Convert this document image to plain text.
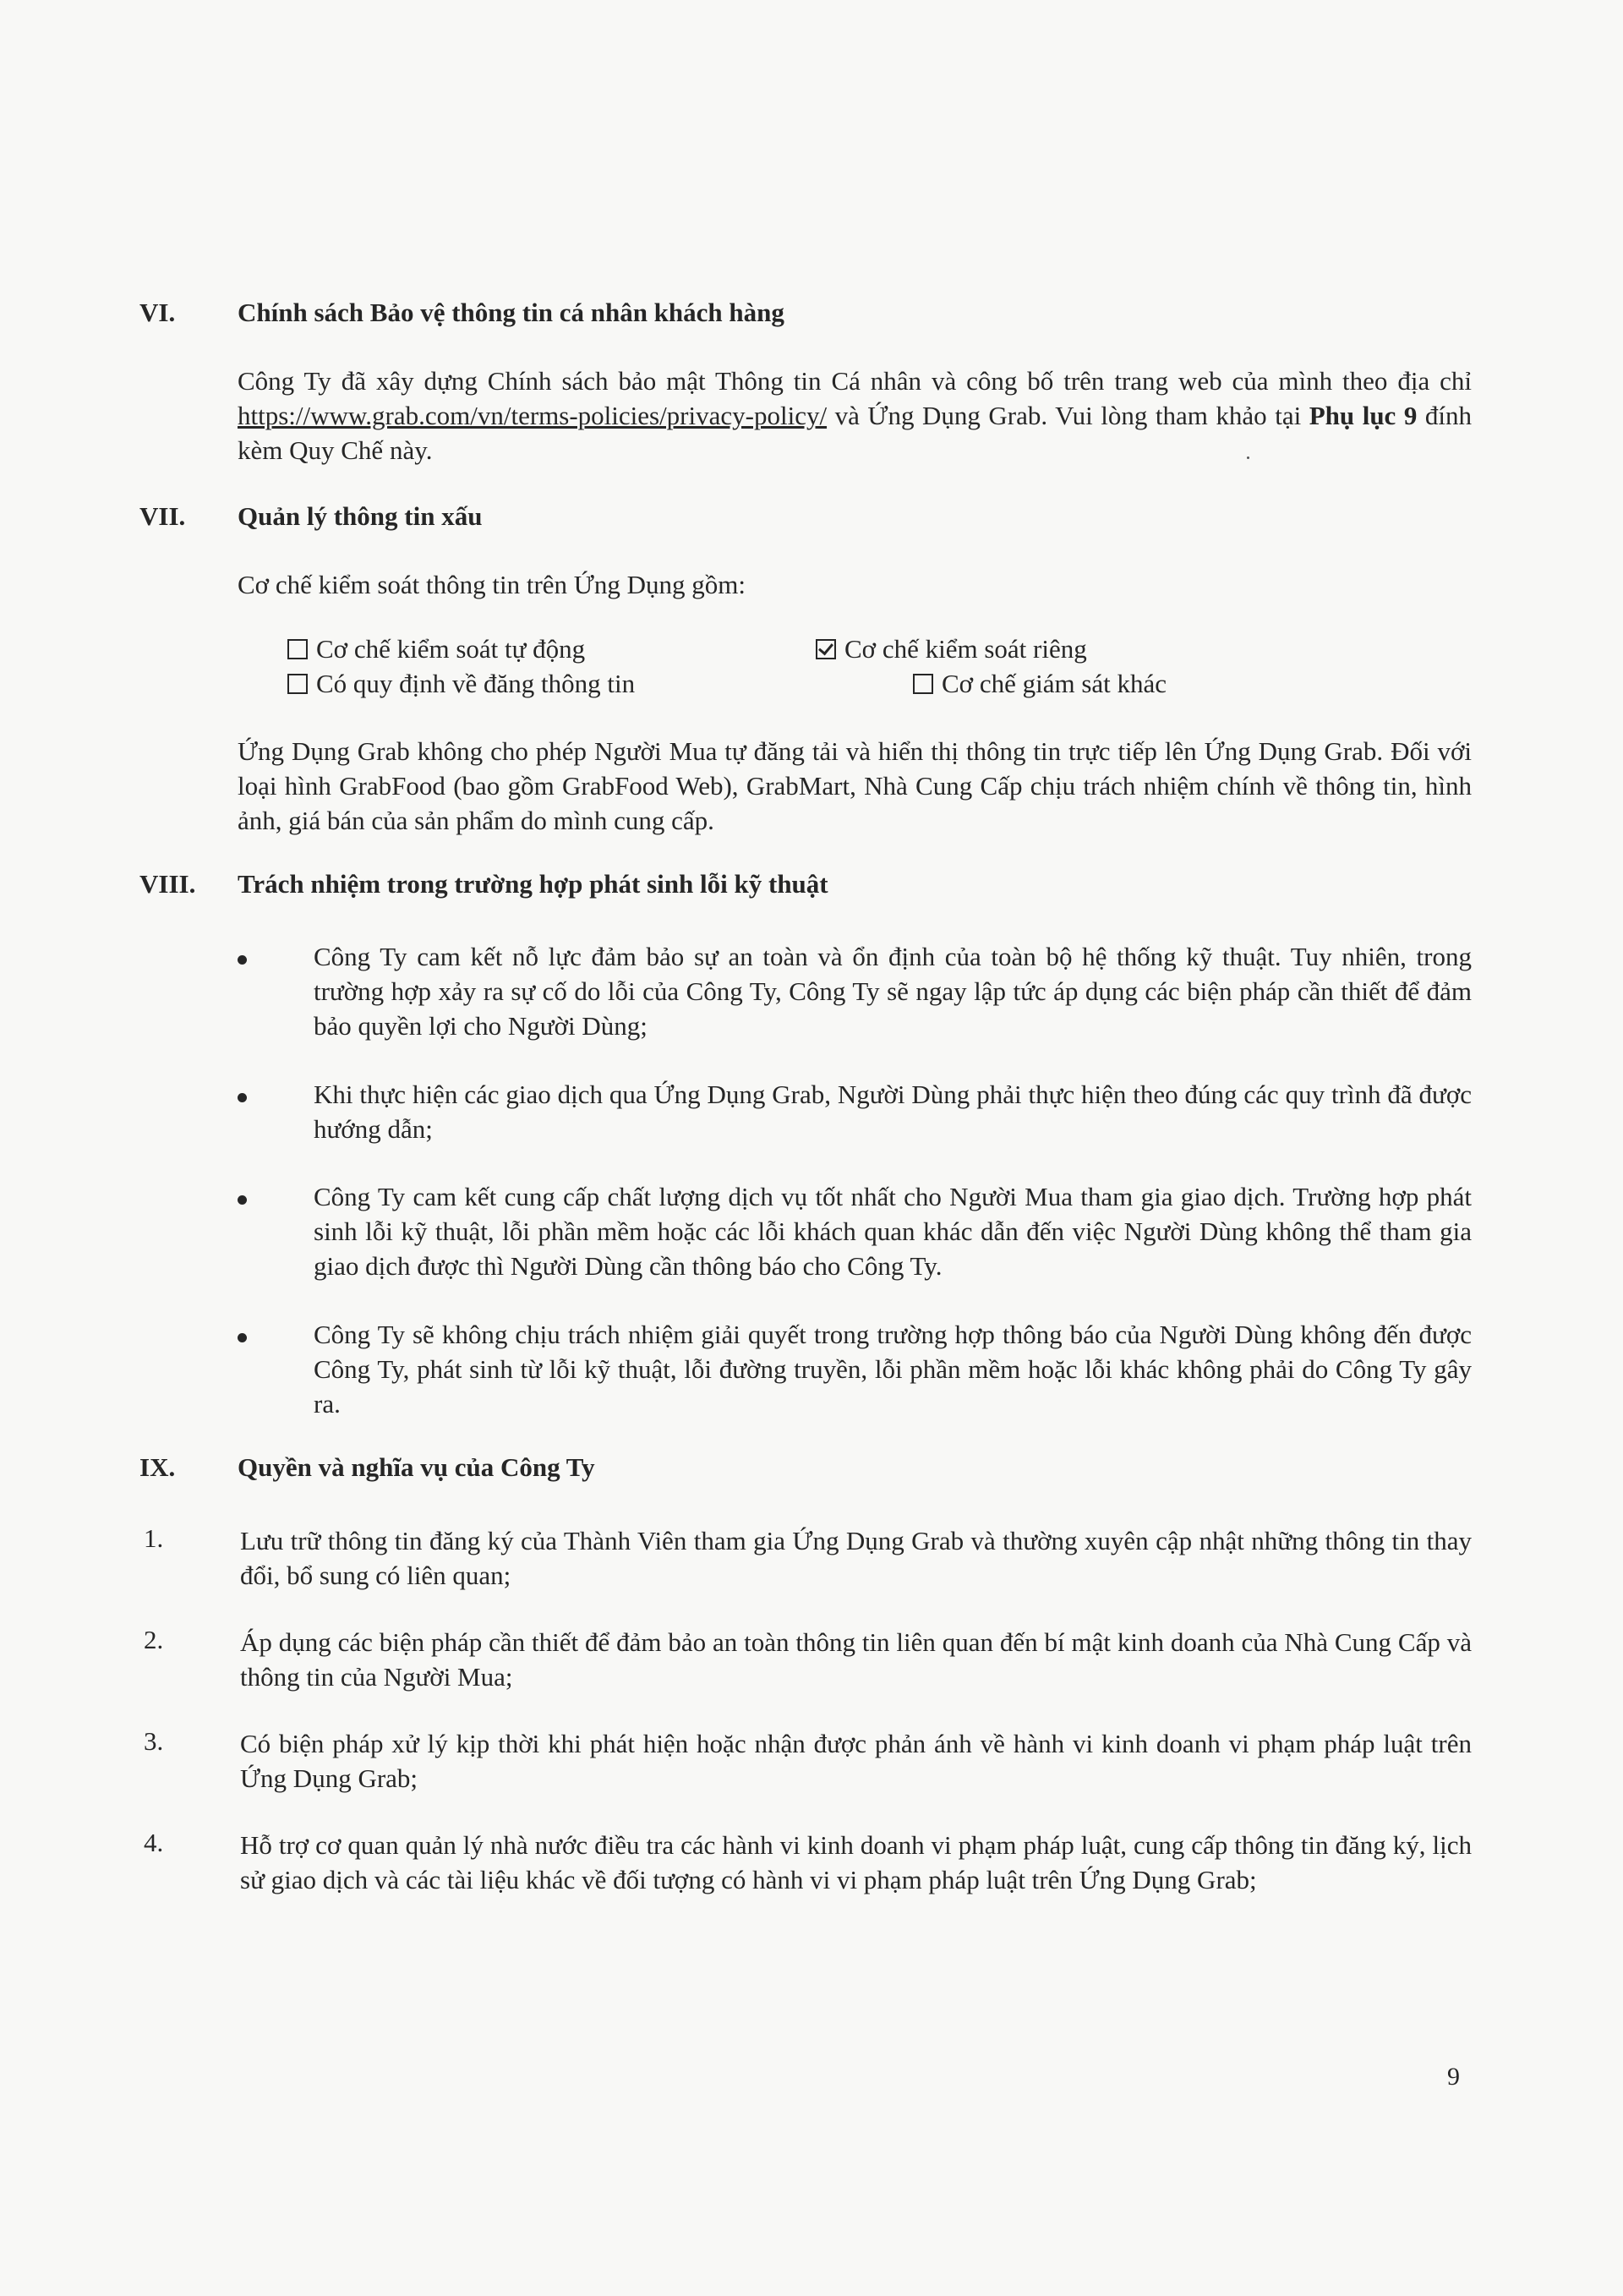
VI. Chính sách Bảo vệ thông tin cá nhân khách hàng
Công Ty đã xây dựng Chính sách bảo mật Thông tin Cá nhân và công bố trên trang web của mình theo địa chỉ https://www.grab.com/vn/terms-policies/privacy-policy/ và Ứng Dụng Grab. Vui lòng tham khảo tại Phụ lục 9 đính kèm Quy Chế này.
VII. Quản lý thông tin xấu
Cơ chế kiểm soát thông tin trên Ứng Dụng gồm:
Cơ chế kiểm soát tự động	Cơ chế kiểm soát riêng
Có quy định về đăng thông tin	Cơ chế giám sát khác
Ứng Dụng Grab không cho phép Người Mua tự đăng tải và hiển thị thông tin trực tiếp lên Ứng Dụng Grab. Đối với loại hình GrabFood (bao gồm GrabFood Web), GrabMart, Nhà Cung Cấp chịu trách nhiệm chính về thông tin, hình ảnh, giá bán của sản phẩm do mình cung cấp.
VIII. Trách nhiệm trong trường hợp phát sinh lỗi kỹ thuật
Công Ty cam kết nỗ lực đảm bảo sự an toàn và ổn định của toàn bộ hệ thống kỹ thuật. Tuy nhiên, trong trường hợp xảy ra sự cố do lỗi của Công Ty, Công Ty sẽ ngay lập tức áp dụng các biện pháp cần thiết để đảm bảo quyền lợi cho Người Dùng;
Khi thực hiện các giao dịch qua Ứng Dụng Grab, Người Dùng phải thực hiện theo đúng các quy trình đã được hướng dẫn;
Công Ty cam kết cung cấp chất lượng dịch vụ tốt nhất cho Người Mua tham gia giao dịch. Trường hợp phát sinh lỗi kỹ thuật, lỗi phần mềm hoặc các lỗi khách quan khác dẫn đến việc Người Dùng không thể tham gia giao dịch được thì Người Dùng cần thông báo cho Công Ty.
Công Ty sẽ không chịu trách nhiệm giải quyết trong trường hợp thông báo của Người Dùng không đến được Công Ty, phát sinh từ lỗi kỹ thuật, lỗi đường truyền, lỗi phần mềm hoặc lỗi khác không phải do Công Ty gây ra.
IX. Quyền và nghĩa vụ của Công Ty
1.	Lưu trữ thông tin đăng ký của Thành Viên tham gia Ứng Dụng Grab và thường xuyên cập nhật những thông tin thay đổi, bổ sung có liên quan;
2.	Áp dụng các biện pháp cần thiết để đảm bảo an toàn thông tin liên quan đến bí mật kinh doanh của Nhà Cung Cấp và thông tin của Người Mua;
3.	Có biện pháp xử lý kịp thời khi phát hiện hoặc nhận được phản ánh về hành vi kinh doanh vi phạm pháp luật trên Ứng Dụng Grab;
4.	Hỗ trợ cơ quan quản lý nhà nước điều tra các hành vi kinh doanh vi phạm pháp luật, cung cấp thông tin đăng ký, lịch sử giao dịch và các tài liệu khác về đối tượng có hành vi vi phạm pháp luật trên Ứng Dụng Grab;
9
